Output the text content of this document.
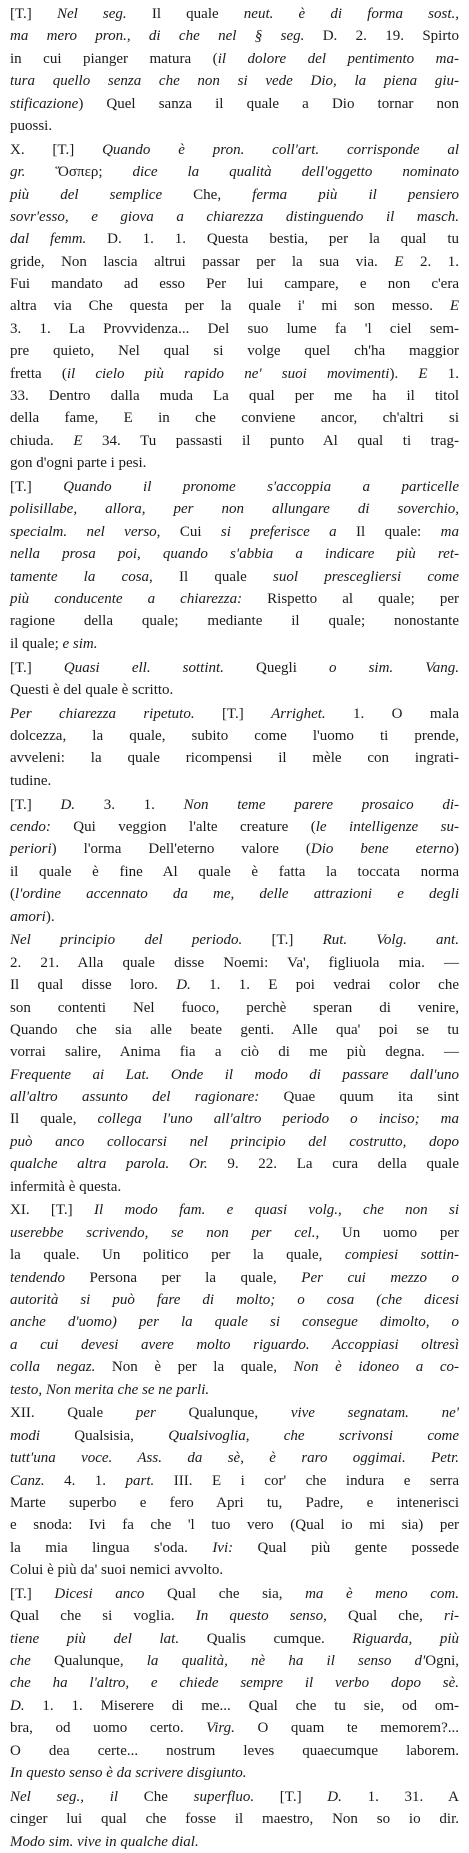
[T.] Nel seg. Il quale neut. è di forma sost.,
ma mero pron., di che nel § seg. D. 2. 19. Spirto
in cui pianger matura (il dolore del pentimento ma-
tura quello senza che non si vede Dio, la piena giu-
stificazione) Quel sanza il quale a Dio tornar non
puossi.
X. [T.] Quando è pron. coll'art. corrisponde al
gr. Ὅσπερ; dice la qualità dell'oggetto nominato
più del semplice Che, ferma più il pensiero
sovr'esso, e giova a chiarezza distinguendo il masch.
dal femm. D. 1. 1. Questa bestia, per la qual tu
gride, Non lascia altrui passar per la sua via. E 2. 1.
Fui mandato ad esso Per lui campare, e non c'era
altra via Che questa per la quale i' mi son messo. E
3. 1. La Provvidenza... Del suo lume fa 'l ciel sem-
pre quieto, Nel qual si volge quel ch'ha maggior
fretta (il cielo più rapido ne' suoi movimenti). E 1.
33. Dentro dalla muda La qual per me ha il titol
della fame, E in che conviene ancor, ch'altri si
chiuda. E 34. Tu passasti il punto Al qual ti trag-
gon d'ogni parte i pesi.
[T.] Quando il pronome s'accoppia a particelle
polisillabe, allora, per non allungare di soverchio,
specialm. nel verso, Cui si preferisce a Il quale: ma
nella prosa poi, quando s'abbia a indicare più ret-
tamente la cosa, Il quale suol prescegliersi come
più conducente a chiarezza: Rispetto al quale; per
ragione della quale; mediante il quale; nonostante
il quale; e sim.
[T.] Quasi ell. sottint. Quegli o sim. Vang.
Questi è del quale è scritto.
Per chiarezza ripetuto. [T.] Arrighet. 1. O mala
dolcezza, la quale, subito come l'uomo ti prende,
avveleni: la quale ricompensi il mèle con ingrati-
tudine.
[T.] D. 3. 1. Non teme parere prosaico di-
cendo: Qui veggion l'alte creature (le intelligenze su-
periori) l'orma Dell'eterno valore (Dio bene eterno)
il quale è fine Al quale è fatta la toccata norma
(l'ordine accennato da me, delle attrazioni e degli
amori).
Nel principio del periodo. [T.] Rut. Volg. ant.
2. 21. Alla quale disse Noemi: Va', figliuola mia. —
Il qual disse loro. D. 1. 1. E poi vedrai color che
son contenti Nel fuoco, perchè speran di venire,
Quando che sia alle beate genti. Alle qua' poi se tu
vorrai salire, Anima fia a ciò di me più degna. —
Frequente ai Lat. Onde il modo di passare dall'uno
all'altro assunto del ragionare: Quae quum ita sint
Il quale, collega l'uno all'altro periodo o inciso; ma
può anco collocarsi nel principio del costrutto, dopo
qualche altra parola. Or. 9. 22. La cura della quale
infermità è questa.
XI. [T.] Il modo fam. e quasi volg., che non si
userebbe scrivendo, se non per cel., Un uomo per
la quale. Un politico per la quale, compiesi sottin-
tendendo Persona per la quale, Per cui mezzo o
autorità si può fare di molto; o cosa (che dicesi
anche d'uomo) per la quale si consegue dimolto, o
a cui devesi avere molto riguardo. Accoppiasi oltresì
colla negaz. Non è per la quale, Non è idoneo a co-
testo, Non merita che se ne parli.
XII. Quale per Qualunque, vive segnatam. ne'
modi Qualsisia, Qualsivoglia, che scrivonsi come
tutt'una voce. Ass. da sè, è raro oggimai. Petr.
Canz. 4. 1. part. III. E i cor' che indura e serra
Marte superbo e fero Apri tu, Padre, e intenerisci
e snoda: Ivi fa che 'l tuo vero (Qual io mi sia) per
la mia lingua s'oda. Ivi: Qual più gente possede
Colui è più da' suoi nemici avvolto.
[T.] Dicesi anco Qual che sia, ma è meno com.
Qual che si voglia. In questo senso, Qual che, ri-
tiene più del lat. Qualis cumque. Riguarda, più
che Qualunque, la qualità, nè ha il senso d'Ogni,
che ha l'altro, e chiede sempre il verbo dopo sè.
D. 1. 1. Miserere di me... Qual che tu sie, od om-
bra, od uomo certo. Virg. O quam te memorem?...
O dea certe... nostrum leves quaecumque laborem.
In questo senso è da scrivere disgiunto.
Nel seg., il Che superfluo. [T.] D. 1. 31. A
cinger lui qual che fosse il maestro, Non so io dir.
Modo sim. vive in qualche dial.
